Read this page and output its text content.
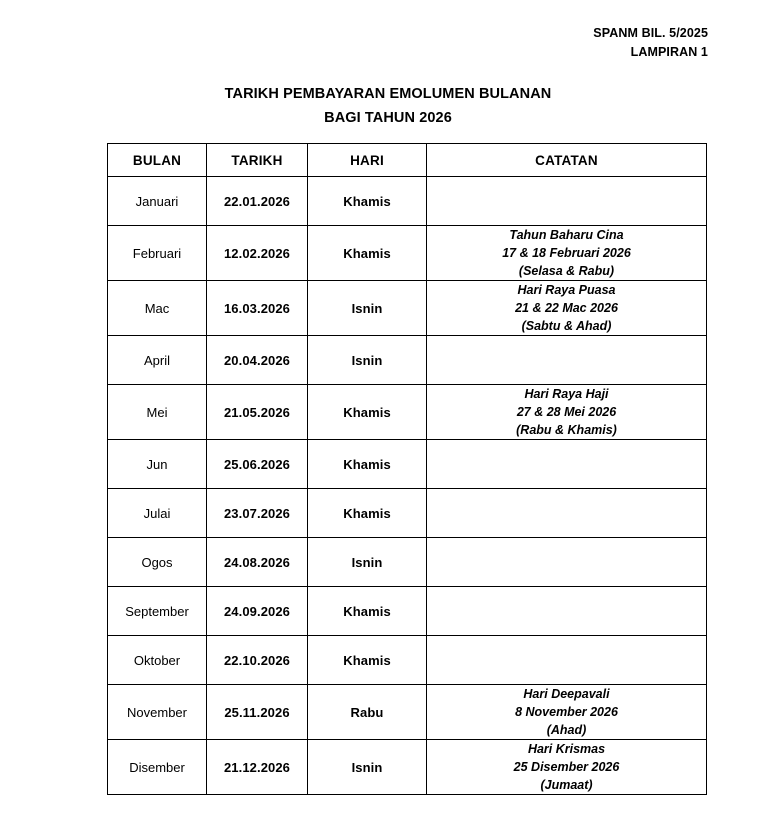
SPANM BIL. 5/2025
LAMPIRAN 1
TARIKH PEMBAYARAN EMOLUMEN BULANAN
BAGI TAHUN 2026
BULAN	TARIKH	HARI	CATATAN
Januari	22.01.2026	Khamis	
Februari	12.02.2026	Khamis	Tahun Baharu Cina
17 & 18 Februari 2026
(Selasa & Rabu)

Mac	16.03.2026	Isnin	Hari Raya Puasa
21 & 22 Mac 2026
(Sabtu & Ahad)

April	20.04.2026	Isnin	
Mei	21.05.2026	Khamis	Hari Raya Haji
27 & 28 Mei 2026
(Rabu & Khamis)

Jun	25.06.2026	Khamis	
Julai	23.07.2026	Khamis	
Ogos	24.08.2026	Isnin	
September	24.09.2026	Khamis	
Oktober	22.10.2026	Khamis	
November	25.11.2026	Rabu	Hari Deepavali
8 November 2026
(Ahad)

Disember	21.12.2026	Isnin	Hari Krismas
25 Disember 2026
(Jumaat)
